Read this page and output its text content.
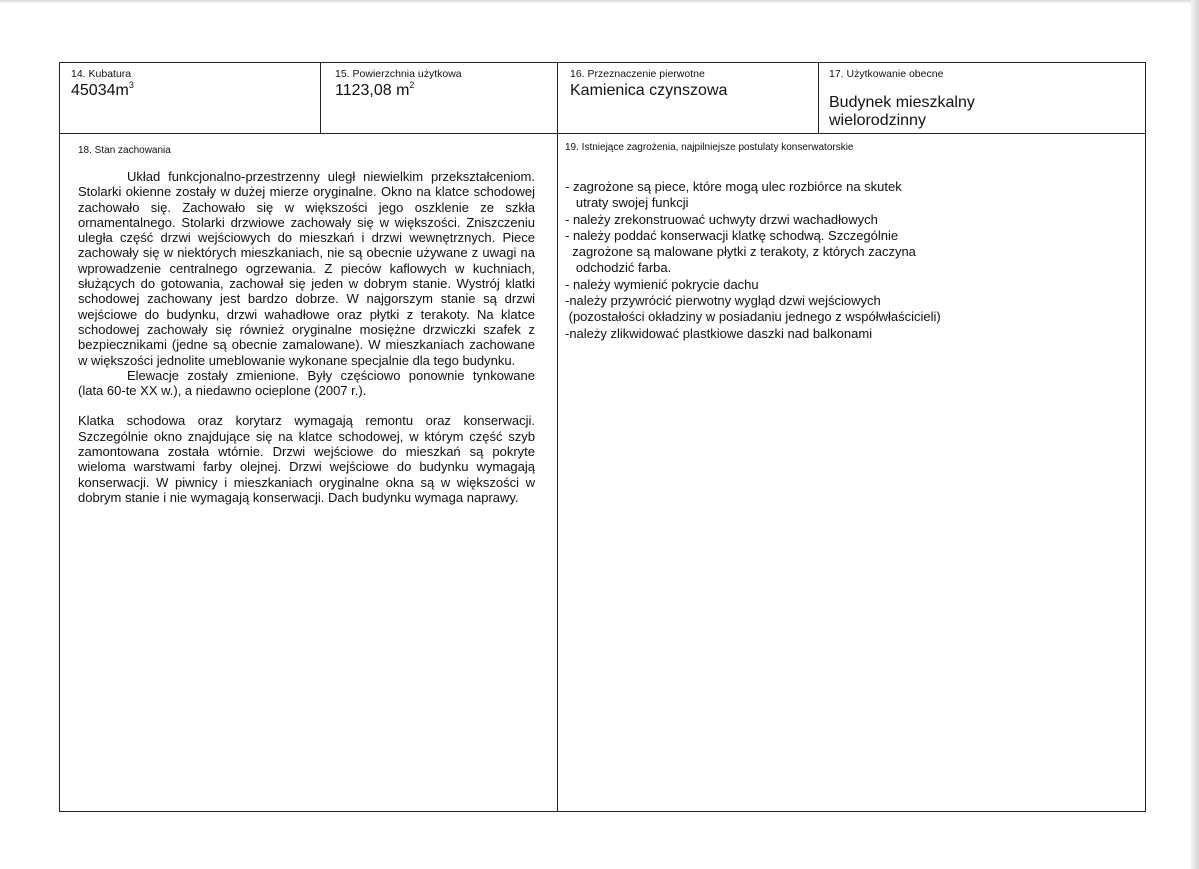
14. Kubatura
$45034m^3$
15. Powierzchnia użytkowa
1123,08 $m^2$
16. Przeznaczenie pierwotne
Kamienica czynszowa
17. Użytkowanie obecne
Budynek mieszkalny
wielorodzinny
18. Stan zachowania

Układ funkcjonalno-przestrzenny uległ niewielkim przekształceniom. Stolarki okienne zostały w dużej mierze oryginalne. Okno na klatce schodowej zachowało się. Zachowało się w większości jego oszklenie ze szkła ornamentalnego. Stolarki drzwiowe zachowały się w większości. Zniszczeniu uległa część drzwi wejściowych do mieszkań i drzwi wewnętrznych. Piece zachowały się w niektórych mieszkaniach, nie są obecnie używane z uwagi na wprowadzenie centralnego ogrzewania. Z pieców kaflowych w kuchniach, służących do gotowania, zachował się jeden w dobrym stanie. Wystrój klatki schodowej zachowany jest bardzo dobrze. W najgorszym stanie są drzwi wejściowe do budynku, drzwi wahadłowe oraz płytki z terakoty. Na klatce schodowej zachowały się również oryginalne mosiężne drzwiczki szafek z bezpiecznikami (jedne są obecnie zamalowane). W mieszkaniach zachowane w większości jednolite umeblowanie wykonane specjalnie dla tego budynku.

Elewacje zostały zmienione. Były częściowo ponownie tynkowane (lata 60-te XX w.), a niedawno ocieplone (2007 r.).

Klatka schodowa oraz korytarz wymagają remontu oraz konserwacji. Szczególnie okno znajdujące się na klatce schodowej, w którym część szyb zamontowana została wtórnie. Drzwi wejściowe do mieszkań są pokryte wieloma warstwami farby olejnej. Drzwi wejściowe do budynku wymagają konserwacji. W piwnicy i mieszkaniach oryginalne okna są w większości w dobrym stanie i nie wymagają konserwacji. Dach budynku wymaga naprawy.

19. Istniejące zagrożenia, najpilniejsze postulaty konserwatorskie
- zagrożone są piece, które mogą ulec rozbiórce na skutek
utraty swojej funkcji
- należy zrekonstruować uchwyty drzwi wachadłowych
- należy poddać konserwacji klatkę schodwą. Szczególnie
zagrożone są malowane płytki z terakoty, z których zaczyna
odchodzić farba.
- należy wymienić pokrycie dachu
-należy przywrócić pierwotny wygląd dzwi wejściowych
(pozostałości okładziny w posiadaniu jednego z współwłaścicieli)
-należy zlikwidować plastkiowe daszki nad balkonami
